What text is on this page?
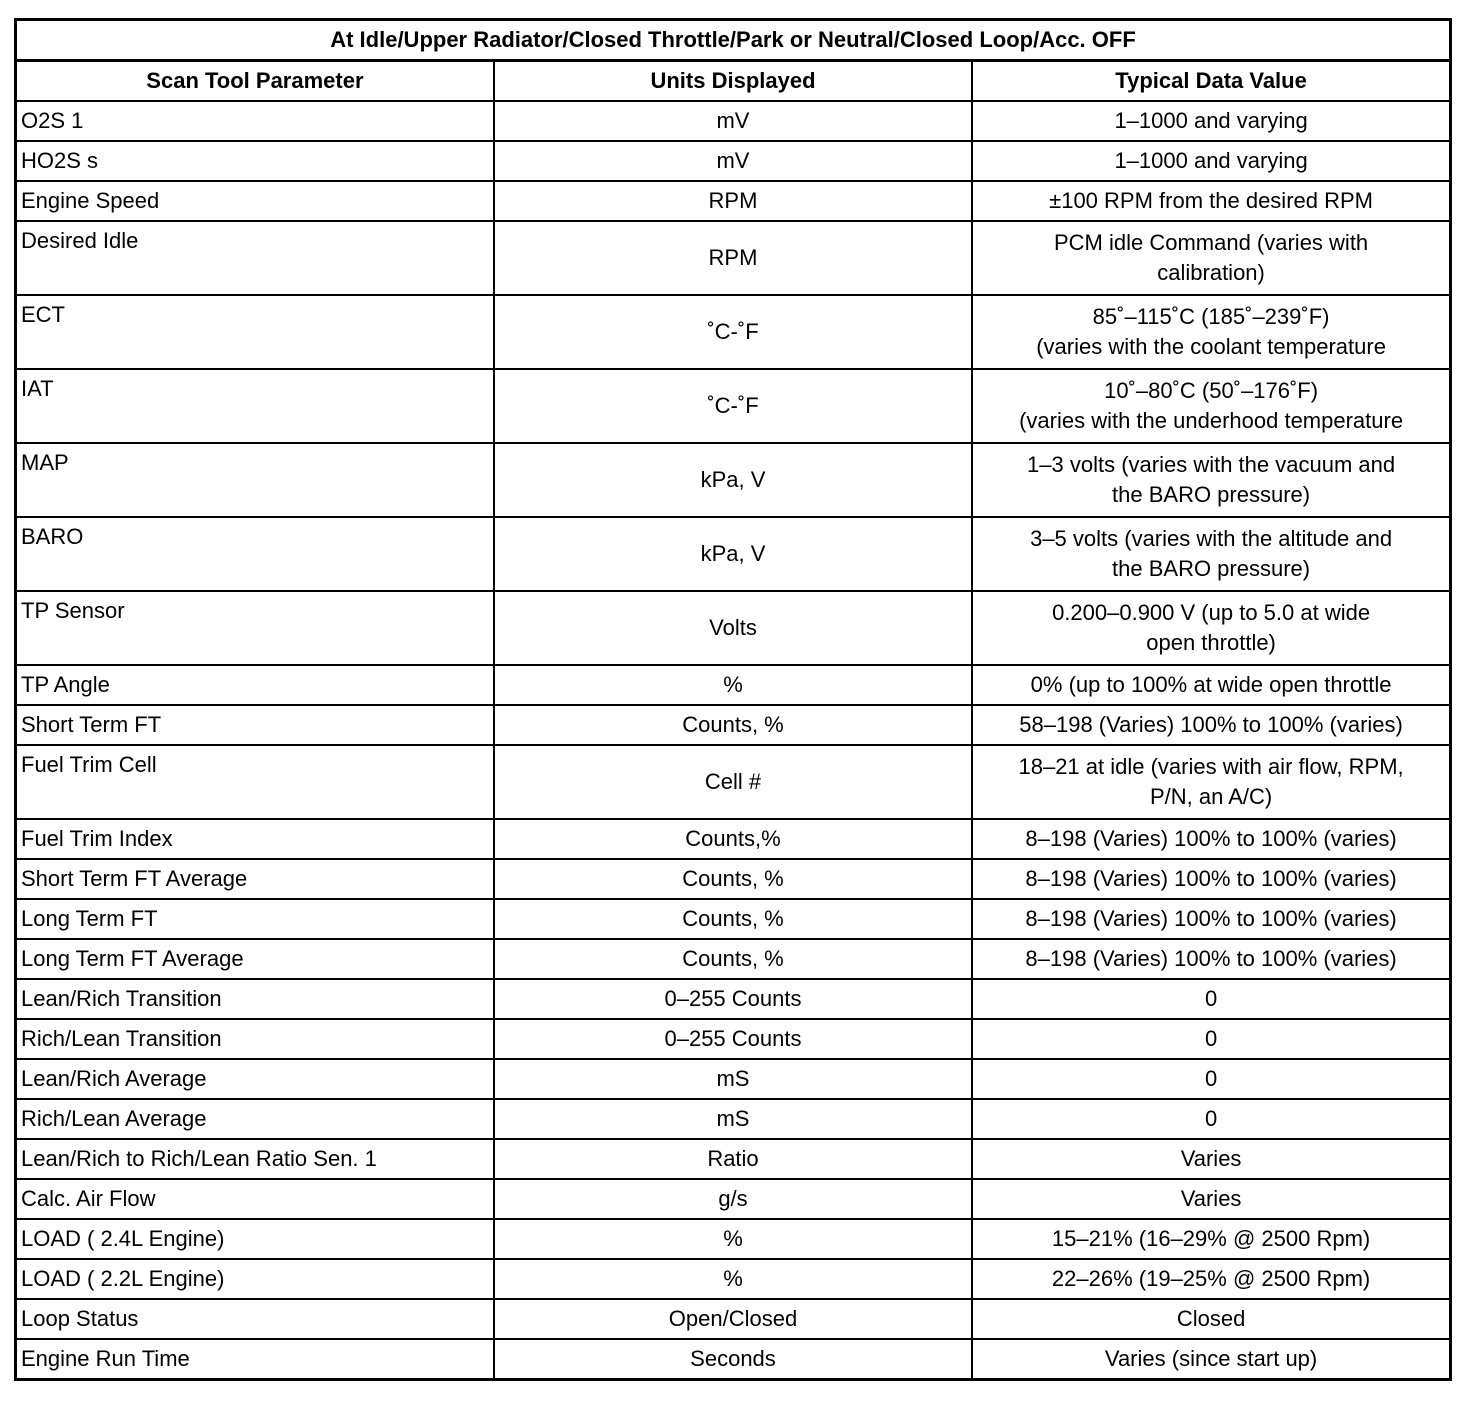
At Idle/Upper Radiator/Closed Throttle/Park or Neutral/Closed Loop/Acc. OFF		
Scan Tool Parameter	Units Displayed	Typical Data Value
O2S 1	mV	1–1000 and varying

HO2S s	mV	1–1000 and varying

Engine Speed	RPM	±100 RPM from the desired RPM

Desired Idle	RPM	PCM idle Command (varies with
calibration)

ECT	˚C-˚F	85˚–115˚C (185˚–239˚F)
(varies with the coolant temperature

IAT	˚C-˚F	10˚–80˚C (50˚–176˚F)
(varies with the underhood temperature

MAP	kPa, V	1–3 volts (varies with the vacuum and
the BARO pressure)

BARO	kPa, V	3–5 volts (varies with the altitude and
the BARO pressure)

TP Sensor	Volts	0.200–0.900 V (up to 5.0 at wide
open throttle)

TP Angle	%	0% (up to 100% at wide open throttle

Short Term FT	Counts, %	58–198 (Varies) 100% to 100% (varies)

Fuel Trim Cell	Cell #	18–21 at idle (varies with air flow, RPM,
P/N, an A/C)

Fuel Trim Index	Counts,%	8–198 (Varies) 100% to 100% (varies)

Short Term FT Average	Counts, %	8–198 (Varies) 100% to 100% (varies)

Long Term FT	Counts, %	8–198 (Varies) 100% to 100% (varies)

Long Term FT Average	Counts, %	8–198 (Varies) 100% to 100% (varies)

Lean/Rich Transition	0–255 Counts	0

Rich/Lean Transition	0–255 Counts	0

Lean/Rich Average	mS	0

Rich/Lean Average	mS	0

Lean/Rich to Rich/Lean Ratio Sen. 1	Ratio	Varies

Calc. Air Flow	g/s	Varies

LOAD ( 2.4L Engine)	%	15–21% (16–29% @ 2500 Rpm)

LOAD ( 2.2L Engine)	%	22–26% (19–25% @ 2500 Rpm)

Loop Status	Open/Closed	Closed

Engine Run Time	Seconds	Varies (since start up)
